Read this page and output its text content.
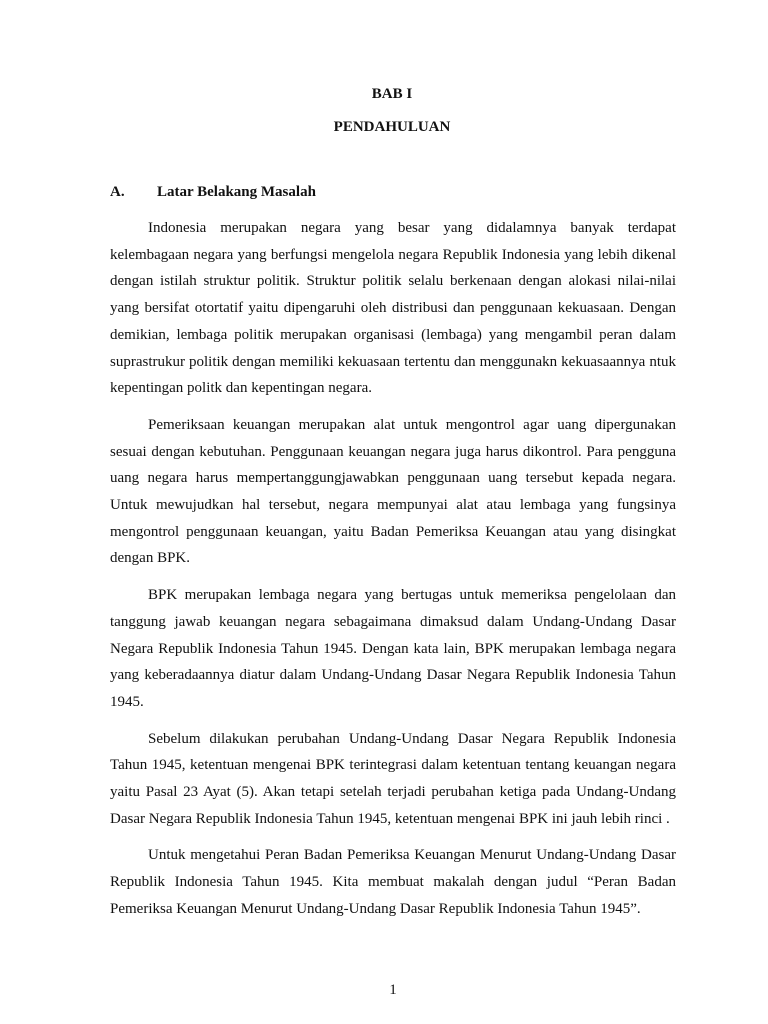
BAB I
PENDAHULUAN
A. Latar Belakang Masalah

Indonesia merupakan negara yang besar yang didalamnya banyak terdapat kelembagaan negara yang berfungsi mengelola negara Republik Indonesia yang lebih dikenal dengan istilah struktur politik. Struktur politik selalu berkenaan dengan alokasi nilai-nilai yang bersifat otortatif yaitu dipengaruhi oleh distribusi dan penggunaan kekuasaan. Dengan demikian, lembaga politik merupakan organisasi (lembaga) yang mengambil peran dalam suprastrukur politik dengan memiliki kekuasaan tertentu dan menggunakn kekuasaannya ntuk kepentingan politk dan kepentingan negara.

Pemeriksaan keuangan merupakan alat untuk mengontrol agar uang dipergunakan sesuai dengan kebutuhan. Penggunaan keuangan negara juga harus dikontrol. Para pengguna uang negara harus mempertanggungjawabkan penggunaan uang tersebut kepada negara. Untuk mewujudkan hal tersebut, negara mempunyai alat atau lembaga yang fungsinya mengontrol penggunaan keuangan, yaitu Badan Pemeriksa Keuangan atau yang disingkat dengan BPK.

BPK merupakan lembaga negara yang bertugas untuk memeriksa pengelolaan dan tanggung jawab keuangan negara sebagaimana dimaksud dalam Undang-Undang Dasar Negara Republik Indonesia Tahun 1945. Dengan kata lain, BPK merupakan lembaga negara yang keberadaannya diatur dalam Undang-Undang Dasar Negara Republik Indonesia Tahun 1945.

Sebelum dilakukan perubahan Undang-Undang Dasar Negara Republik Indonesia Tahun 1945, ketentuan mengenai BPK terintegrasi dalam ketentuan tentang keuangan negara yaitu Pasal 23 Ayat (5). Akan tetapi setelah terjadi perubahan ketiga pada Undang-Undang Dasar Negara Republik Indonesia Tahun 1945, ketentuan mengenai BPK ini jauh lebih rinci .

Untuk mengetahui Peran Badan Pemeriksa Keuangan Menurut Undang-Undang Dasar Republik Indonesia Tahun 1945. Kita membuat makalah dengan judul “Peran Badan Pemeriksa Keuangan Menurut Undang-Undang Dasar Republik Indonesia Tahun 1945”.

1
